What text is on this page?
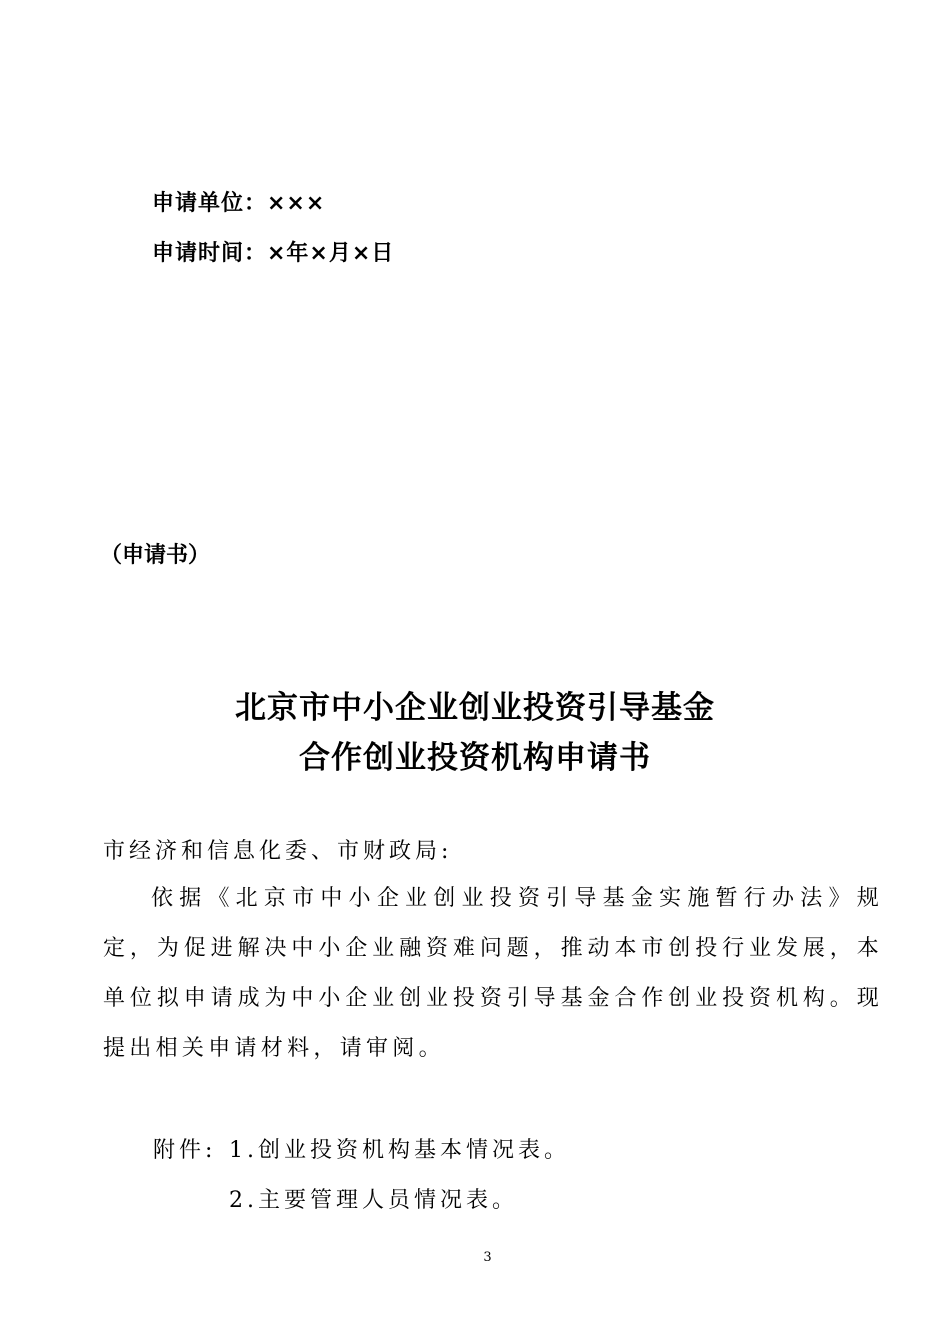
申请单位：×××
申请时间：×年×月×日
（申请书）
北京市中小企业创业投资引导基金
合作创业投资机构申请书
市经济和信息化委、市财政局:
依据《北京市中小企业创业投资引导基金实施暂行办法》规定，为促进解决中小企业融资难问题，推动本市创投行业发展，本单位拟申请成为中小企业创业投资引导基金合作创业投资机构。现提出相关申请材料，请审阅。
附件: 1.创业投资机构基本情况表。
2.主要管理人员情况表。
3
